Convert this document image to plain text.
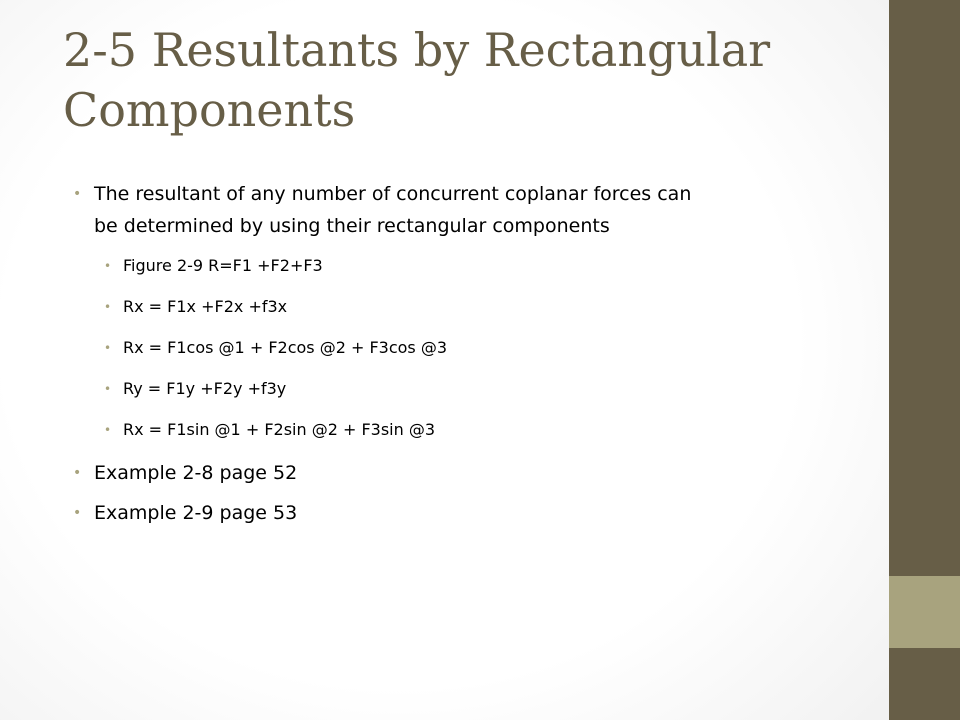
2-5 Resultants by Rectangular
Components
• The resultant of any number of concurrent coplanar forces can
be determined by using their rectangular components
• Figure 2-9 R=F1 +F2+F3
• Rx = F1x +F2x +f3x
• Rx = F1cos @1 + F2cos @2 + F3cos @3
• Ry = F1y +F2y +f3y
• Rx = F1sin @1 + F2sin @2 + F3sin @3
• Example 2-8 page 52
• Example 2-9 page 53
